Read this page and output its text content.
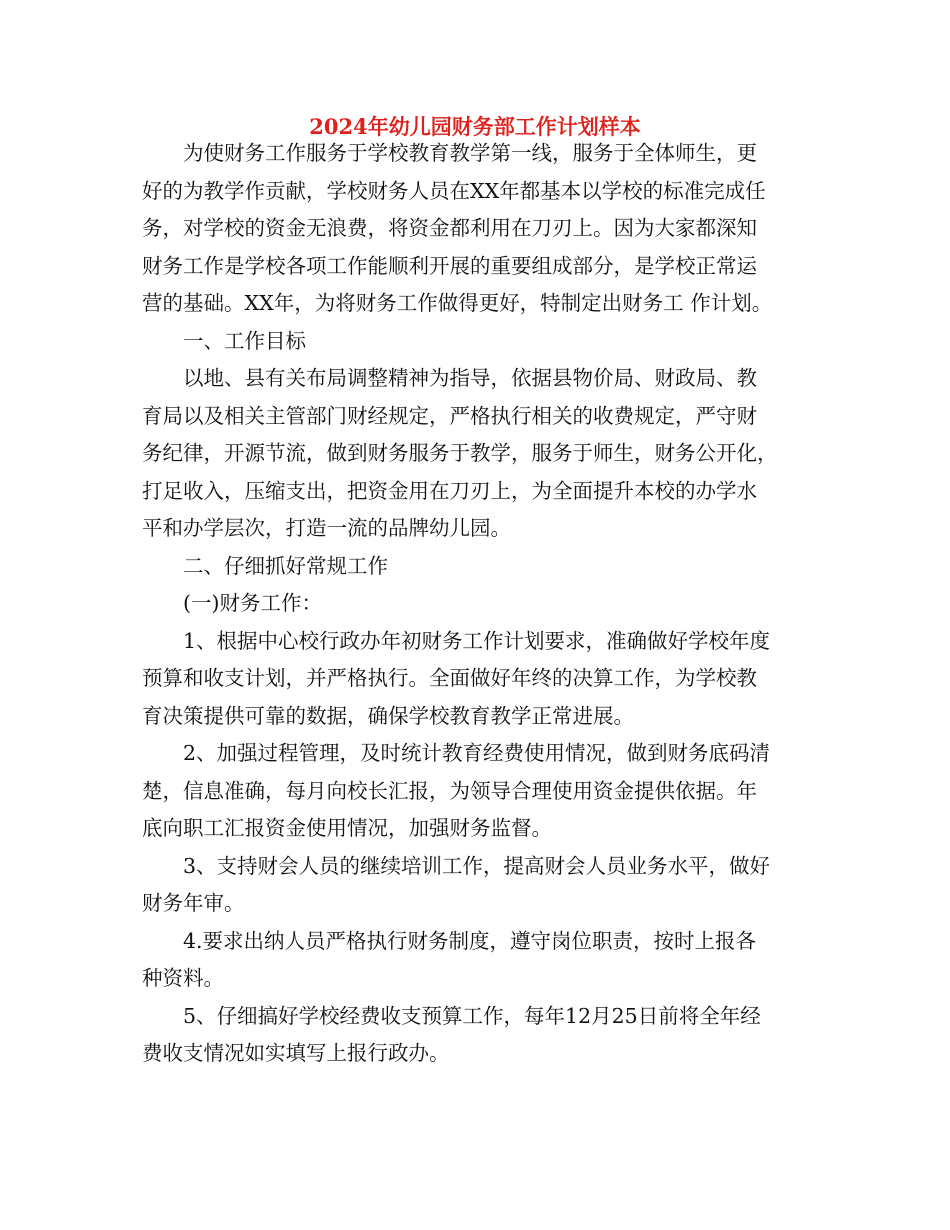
2024年幼儿园财务部工作计划样本
　　为使财务工作服务于学校教育教学第一线，服务于全体师生，更
好的为教学作贡献，学校财务人员在XX年都基本以学校的标准完成任
务，对学校的资金无浪费，将资金都利用在刀刃上。因为大家都深知
财务工作是学校各项工作能顺利开展的重要组成部分，是学校正常运
营的基础。XX年，为将财务工作做得更好，特制定出财务工 作计划。
　　一、工作目标
　　以地、县有关布局调整精神为指导，依据县物价局、财政局、教
育局以及相关主管部门财经规定，严格执行相关的收费规定，严守财
务纪律，开源节流，做到财务服务于教学，服务于师生，财务公开化，
打足收入，压缩支出，把资金用在刀刃上，为全面提升本校的办学水
平和办学层次，打造一流的品牌幼儿园。
　　二、仔细抓好常规工作
　　(一)财务工作：
　　1、根据中心校行政办年初财务工作计划要求，准确做好学校年度
预算和收支计划，并严格执行。全面做好年终的决算工作，为学校教
育决策提供可靠的数据，确保学校教育教学正常进展。
　　2、加强过程管理，及时统计教育经费使用情况，做到财务底码清
楚，信息准确，每月向校长汇报，为领导合理使用资金提供依据。年
底向职工汇报资金使用情况，加强财务监督。
　　3、支持财会人员的继续培训工作，提高财会人员业务水平，做好
财务年审。
　　4.要求出纳人员严格执行财务制度，遵守岗位职责，按时上报各
种资料。
　　5、仔细搞好学校经费收支预算工作，每年12月25日前将全年经
费收支情况如实填写上报行政办。
